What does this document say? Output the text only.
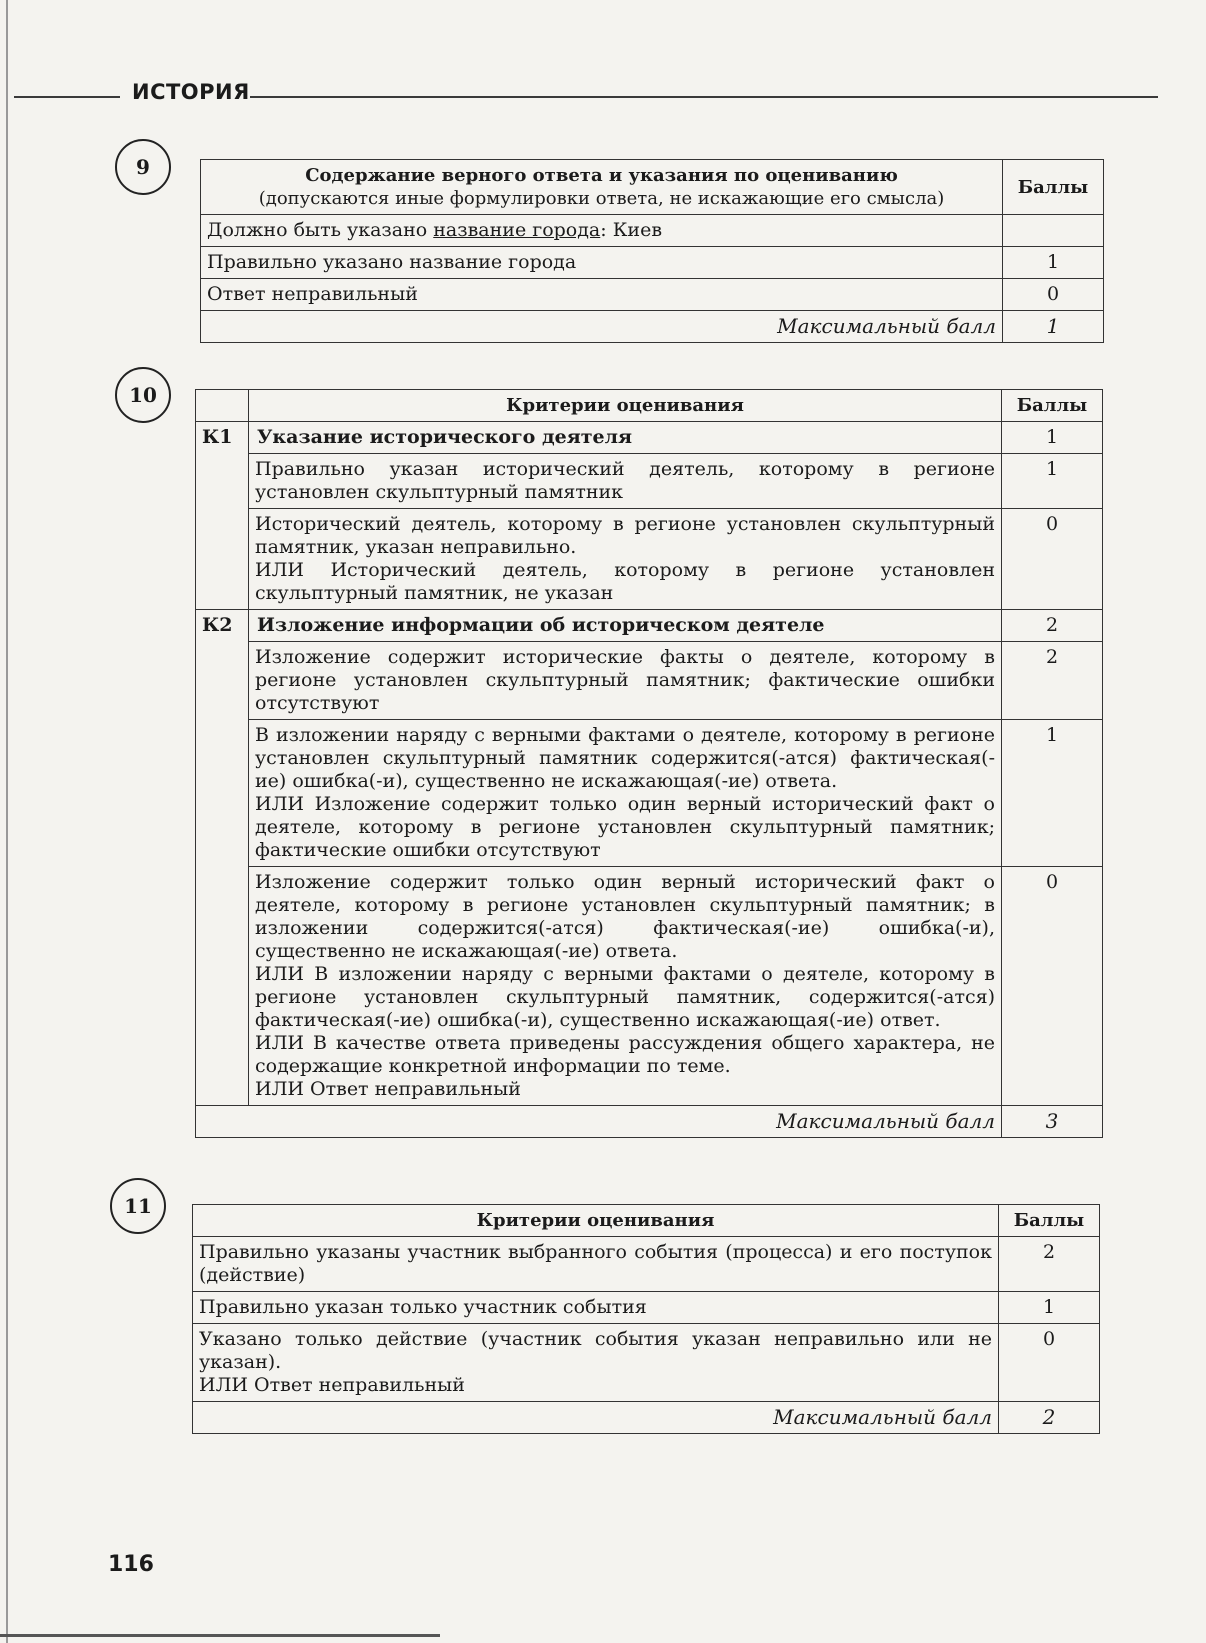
ИСТОРИЯ
9	Содержание верного ответа и указания по оцениванию
(допускаются иные формулировки ответа, не искажающие его смысла)	Баллы
Должно быть указано название города: Киев	
Правильно указано название города	1
Ответ неправильный	0
Максимальный балл	1
10
		Критерии оценивания	Баллы
К1	Указание исторического деятеля	1
	Правильно указан исторический деятель, которому в регионе установлен скульптурный памятник	1

	Исторический деятель, которому в регионе установлен скульптурный памятник, указан неправильно.
ИЛИ Исторический деятель, которому в регионе установлен скульптурный памятник, не указан	0
К2	Изложение информации об историческом деятеле	2
	Изложение содержит исторические факты о деятеле, которому в регионе установлен скульптурный памятник; фактические ошибки отсутствуют	2

	В изложении наряду с верными фактами о деятеле, которому в регионе установлен скульптурный памятник содержится(-атся) фактическая(-ие) ошибка(-и), существенно не искажающая(-ие) ответа.
ИЛИ Изложение содержит только один верный исторический факт о деятеле, которому в регионе установлен скульптурный памятник; фактические ошибки отсутствуют	1

	Изложение содержит только один верный исторический факт о деятеле, которому в регионе установлен скульптурный памятник; в изложении содержится(-атся) фактическая(-ие) ошибка(-и), существенно не искажающая(-ие) ответа.
ИЛИ В изложении наряду с верными фактами о деятеле, которому в регионе установлен скульптурный памятник, содержится(-атся) фактическая(-ие) ошибка(-и), существенно искажающая(-ие) ответ.
ИЛИ В качестве ответа приведены рассуждения общего характера, не содержащие конкретной информации по теме.
ИЛИ Ответ неправильный	0
Максимальный балл		3
11
Критерии оценивания	Баллы
Правильно указаны участник выбранного события (процесса) и его поступок (действие)	2
Правильно указан только участник события	1

Указано только действие (участник события указан неправильно или не указан).
ИЛИ Ответ неправильный	0
Максимальный балл	2
116
